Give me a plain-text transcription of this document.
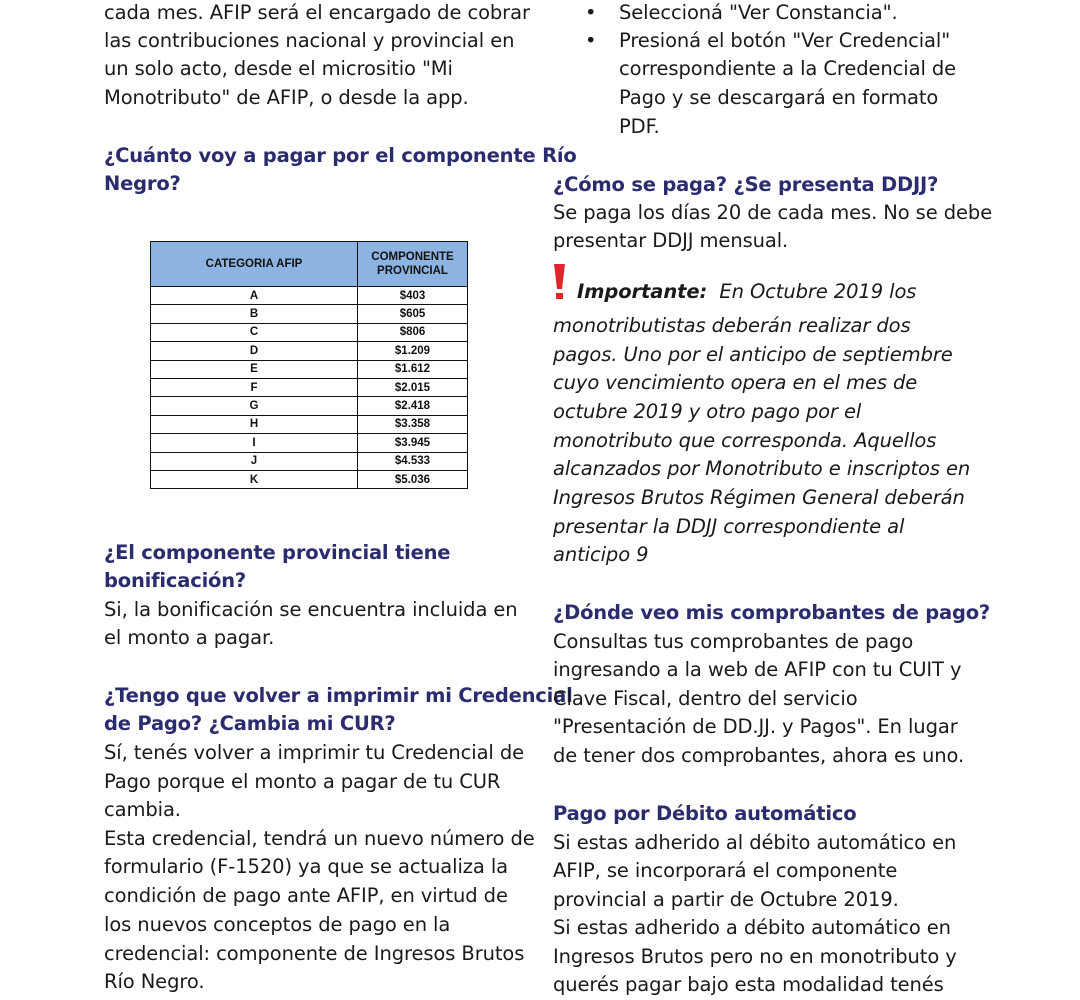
cada mes. AFIP será el encargado de cobrar
las contribuciones nacional y provincial en
un solo acto, desde el micrositio "Mi
Monotributo" de AFIP, o desde la app.
¿Cuánto voy a pagar por el componente Río
Negro?
¿El componente provincial tiene
bonificación?
Si, la bonificación se encuentra incluida en
el monto a pagar.
¿Tengo que volver a imprimir mi Credencial
de Pago? ¿Cambia mi CUR?
Sí, tenés volver a imprimir tu Credencial de
Pago porque el monto a pagar de tu CUR
cambia.
Esta credencial, tendrá un nuevo número de
formulario (F-1520) ya que se actualiza la
condición de pago ante AFIP, en virtud de
los nuevos conceptos de pago en la
credencial: componente de Ingresos Brutos
Río Negro.
CATEGORIA AFIP	COMPONENTE
PROVINCIAL

A	$403
B	$605
C	$806
D	$1.209
E	$1.612
F	$2.015
G	$2.418
H	$3.358
I	$3.945
J	$4.533
K	$5.036
• Seleccioná "Ver Constancia".
• Presioná el botón "Ver Credencial"
correspondiente a la Credencial de
Pago y se descargará en formato
PDF.
¿Cómo se paga? ¿Se presenta DDJJ?
Se paga los días 20 de cada mes. No se debe
presentar DDJJ mensual.
Importante: En Octubre 2019 los
monotributistas deberán realizar dos
pagos. Uno por el anticipo de septiembre
cuyo vencimiento opera en el mes de
octubre 2019 y otro pago por el
monotributo que corresponda. Aquellos
alcanzados por Monotributo e inscriptos en
Ingresos Brutos Régimen General deberán
presentar la DDJJ correspondiente al
anticipo 9
¿Dónde veo mis comprobantes de pago?
Consultas tus comprobantes de pago
ingresando a la web de AFIP con tu CUIT y
Clave Fiscal, dentro del servicio
"Presentación de DD.JJ. y Pagos". En lugar
de tener dos comprobantes, ahora es uno.
Pago por Débito automático
Si estas adherido al débito automático en
AFIP, se incorporará el componente
provincial a partir de Octubre 2019.
Si estas adherido a débito automático en
Ingresos Brutos pero no en monotributo y
querés pagar bajo esta modalidad tenés
